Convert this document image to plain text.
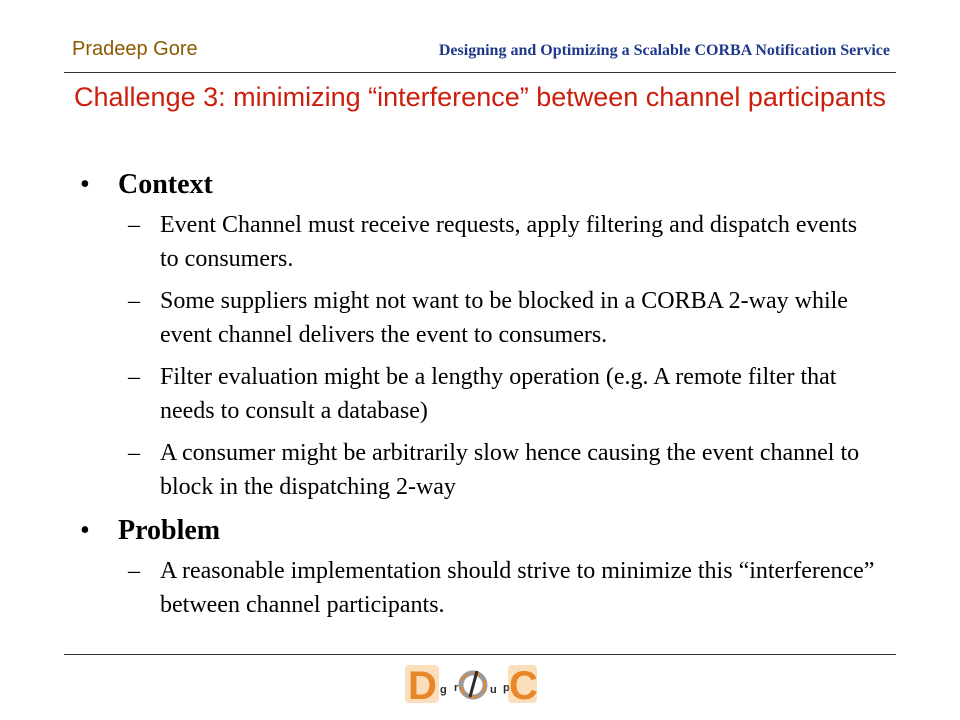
Pradeep Gore	Designing and Optimizing a Scalable CORBA Notification Service
Challenge 3: minimizing “interference” between channel participants
•	Context
– Event Channel must receive requests, apply filtering and dispatch events to consumers.
– Some suppliers might not want to be blocked in a CORBA 2-way while event channel delivers the event to consumers.
– Filter evaluation might be a lengthy operation (e.g. A remote filter that needs to consult a database)
– A consumer might be arbitrarily slow hence causing the event channel to block in the dispatching 2-way
•	Problem
– A reasonable implementation should strive to minimize this “interference” between channel participants.
D g r	u p C
